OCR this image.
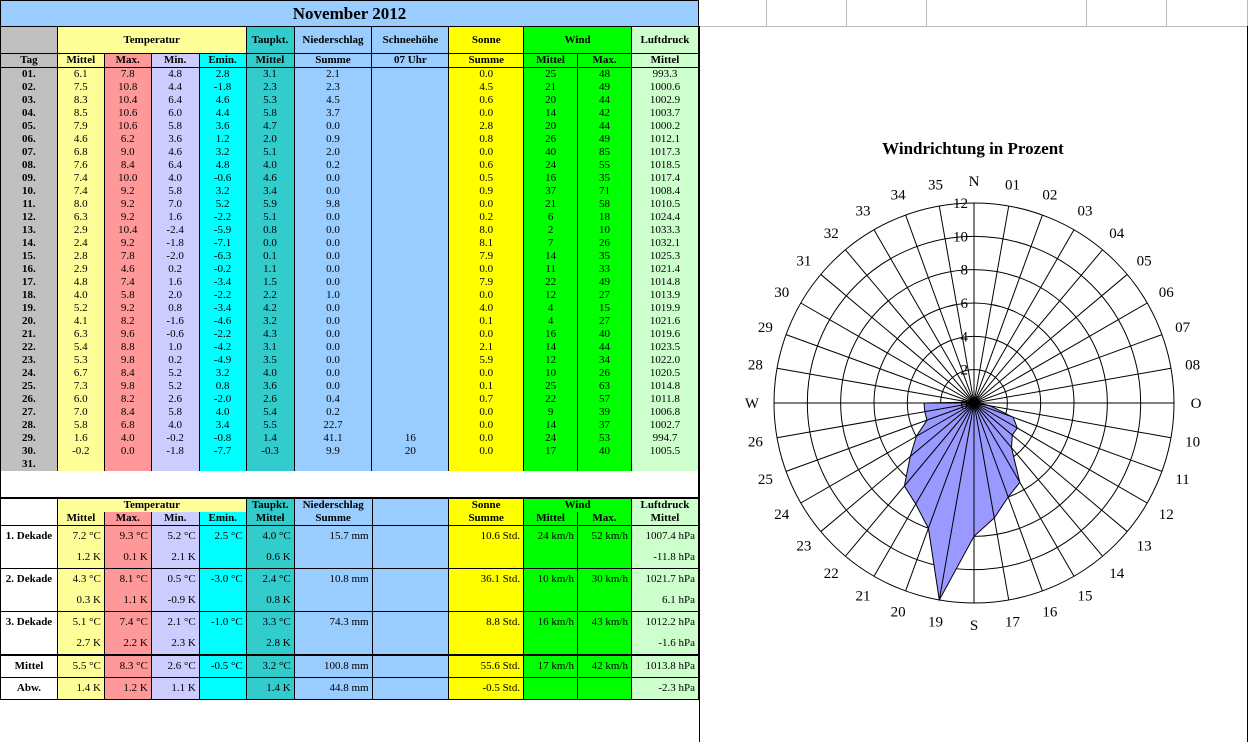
November 2012											
	Temperatur				Taupkt.	Niederschlag	Schneehöhe	Sonne	Wind		Luftdruck
Tag	Mittel	Max.	Min.	Emin.	Mittel	Summe	07 Uhr	Summe	Mittel	Max.	Mittel
01.	6.1	7.8	4.8	2.8	3.1	2.1		0.0	25	48	993.3
02.	7.5	10.8	4.4	-1.8	2.3	2.3		4.5	21	49	1000.6
03.	8.3	10.4	6.4	4.6	5.3	4.5		0.6	20	44	1002.9
04.	8.5	10.6	6.0	4.4	5.8	3.7		0.0	14	42	1003.7
05.	7.9	10.6	5.8	3.6	4.7	0.0		2.8	20	44	1000.2
06.	4.6	6.2	3.6	1.2	2.0	0.9		0.8	26	49	1012.1
07.	6.8	9.0	4.6	3.2	5.1	2.0		0.0	40	85	1017.3
08.	7.6	8.4	6.4	4.8	4.0	0.2		0.6	24	55	1018.5
09.	7.4	10.0	4.0	-0.6	4.6	0.0		0.5	16	35	1017.4
10.	7.4	9.2	5.8	3.2	3.4	0.0		0.9	37	71	1008.4
11.	8.0	9.2	7.0	5.2	5.9	9.8		0.0	21	58	1010.5
12.	6.3	9.2	1.6	-2.2	5.1	0.0		0.2	6	18	1024.4
13.	2.9	10.4	-2.4	-5.9	0.8	0.0		8.0	2	10	1033.3
14.	2.4	9.2	-1.8	-7.1	0.0	0.0		8.1	7	26	1032.1
15.	2.8	7.8	-2.0	-6.3	0.1	0.0		7.9	14	35	1025.3
16.	2.9	4.6	0.2	-0.2	1.1	0.0		0.0	11	33	1021.4
17.	4.8	7.4	1.6	-3.4	1.5	0.0		7.9	22	49	1014.8
18.	4.0	5.8	2.0	-2.2	2.2	1.0		0.0	12	27	1013.9
19.	5.2	9.2	0.8	-3.4	4.2	0.0		4.0	4	15	1019.9
20.	4.1	8.2	-1.6	-4.6	3.2	0.0		0.1	4	27	1021.6
21.	6.3	9.6	-0.6	-2.2	4.3	0.0		0.0	16	40	1019.6
22.	5.4	8.8	1.0	-4.2	3.1	0.0		2.1	14	44	1023.5
23.	5.3	9.8	0.2	-4.9	3.5	0.0		5.9	12	34	1022.0
24.	6.7	8.4	5.2	3.2	4.0	0.0		0.0	10	26	1020.5
25.	7.3	9.8	5.2	0.8	3.6	0.0		0.1	25	63	1014.8
26.	6.0	8.2	2.6	-2.0	2.6	0.4		0.7	22	57	1011.8
27.	7.0	8.4	5.8	4.0	5.4	0.2		0.0	9	39	1006.8
28.	5.8	6.8	4.0	3.4	5.5	22.7		0.0	14	37	1002.7
29.	1.6	4.0	-0.2	-0.8	1.4	41.1	16	0.0	24	53	994.7
30.	-0.2	0.0	-1.8	-7.7	-0.3	9.9	20	0.0	17	40	1005.5
31.											
	Temperatur				Taupkt.	Niederschlag		Sonne	Wind		Luftdruck
	Mittel	Max.	Min.	Emin.	Mittel	Summe		Summe	Mittel	Max.	Mittel
1. Dekade	7.2 °C	9.3 °C	5.2 °C	2.5 °C	4.0 °C	15.7 mm		10.6 Std.	24 km/h	52 km/h	1007.4 hPa
	1.2 K	0.1 K	2.1 K		0.6 K						-11.8 hPa
2. Dekade	4.3 °C	8.1 °C	0.5 °C	-3.0 °C	2.4 °C	10.8 mm		36.1 Std.	10 km/h	30 km/h	1021.7 hPa
	0.3 K	1.1 K	-0.9 K		0.8 K						6.1 hPa
3. Dekade	5.1 °C	7.4 °C	2.1 °C	-1.0 °C	3.3 °C	74.3 mm		8.8 Std.	16 km/h	43 km/h	1012.2 hPa
	2.7 K	2.2 K	2.3 K		2.8 K						-1.6 hPa
Mittel	5.5 °C	8.3 °C	2.6 °C	-0.5 °C	3.2 °C	100.8 mm		55.6 Std.	17 km/h	42 km/h	1013.8 hPa
Abw.	1.4 K	1.2 K	1.1 K		1.4 K	44.8 mm		-0.5 Std.			-2.3 hPa
Windrichtung in Prozent
0
2
4
6
8
10
12
N 01
02
03
04
05
06
07
08
O
10
11
12
13
14
15
16
17
S
19
20
21
22
23
24
25
26
W
28
29
30
31
32
33
34
35
